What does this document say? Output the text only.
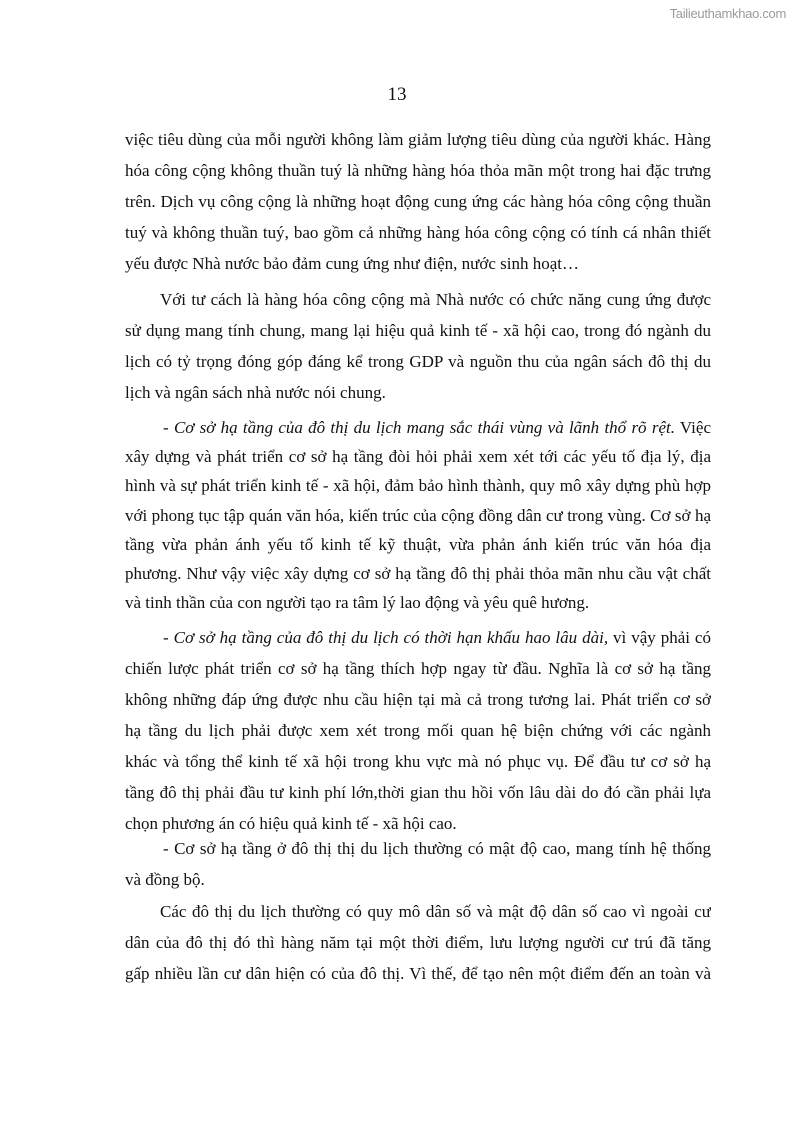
Tailieuthamkhao.com
13
việc tiêu dùng của mỗi người không làm giảm lượng tiêu dùng của người khác. Hàng
hóa công cộng không thuần tuý là những hàng hóa thỏa mãn một trong hai đặc trưng
trên. Dịch vụ công cộng là những hoạt động cung ứng các hàng hóa công cộng thuần
tuý và không thuần tuý, bao gồm cả những hàng hóa công cộng có tính cá nhân thiết
yếu được Nhà nước bảo đảm cung ứng như điện, nước sinh hoạt…
Với tư cách là hàng hóa công cộng mà Nhà nước có chức năng cung ứng được
sử dụng mang tính chung, mang lại hiệu quả kinh tế - xã hội cao, trong đó ngành du
lịch có tỷ trọng đóng góp đáng kể trong GDP và nguồn thu của ngân sách đô thị du
lịch và ngân sách nhà nước nói chung.
- Cơ sở hạ tầng của đô thị du lịch mang sắc thái vùng và lãnh thổ rõ rệt. Việc
xây dựng và phát triển cơ sở hạ tầng đòi hỏi phải xem xét tới các yếu tố địa lý, địa
hình và sự phát triển kinh tế - xã hội, đảm bảo hình thành, quy mô xây dựng phù hợp
với phong tục tập quán văn hóa, kiến trúc của cộng đồng dân cư trong vùng. Cơ sở hạ
tầng vừa phản ánh yếu tố kinh tế kỹ thuật, vừa phản ánh kiến trúc văn hóa địa
phương. Như vậy việc xây dựng cơ sở hạ tầng đô thị phải thỏa mãn nhu cầu vật chất
và tinh thần của con người tạo ra tâm lý lao động và yêu quê hương.
- Cơ sở hạ tầng của đô thị du lịch có thời hạn khấu hao lâu dài, vì vậy phải có
chiến lược phát triển cơ sở hạ tầng thích hợp ngay từ đầu. Nghĩa là cơ sở hạ tầng
không những đáp ứng được nhu cầu hiện tại mà cả trong tương lai. Phát triển cơ sở
hạ tầng du lịch phải được xem xét trong mối quan hệ biện chứng với các ngành
khác và tổng thể kinh tế xã hội trong khu vực mà nó phục vụ. Để đầu tư cơ sở hạ
tầng đô thị phải đầu tư kinh phí lớn,thời gian thu hồi vốn lâu dài do đó cần phải lựa
chọn phương án có hiệu quả kinh tế - xã hội cao.
- Cơ sở hạ tầng ở đô thị thị du lịch thường có mật độ cao, mang tính hệ thống
và đồng bộ.
Các đô thị du lịch thường có quy mô dân số và mật độ dân số cao vì ngoài cư
dân của đô thị đó thì hàng năm tại một thời điểm, lưu lượng người cư trú đã tăng
gấp nhiều lần cư dân hiện có của đô thị. Vì thế, để tạo nên một điểm đến an toàn và
